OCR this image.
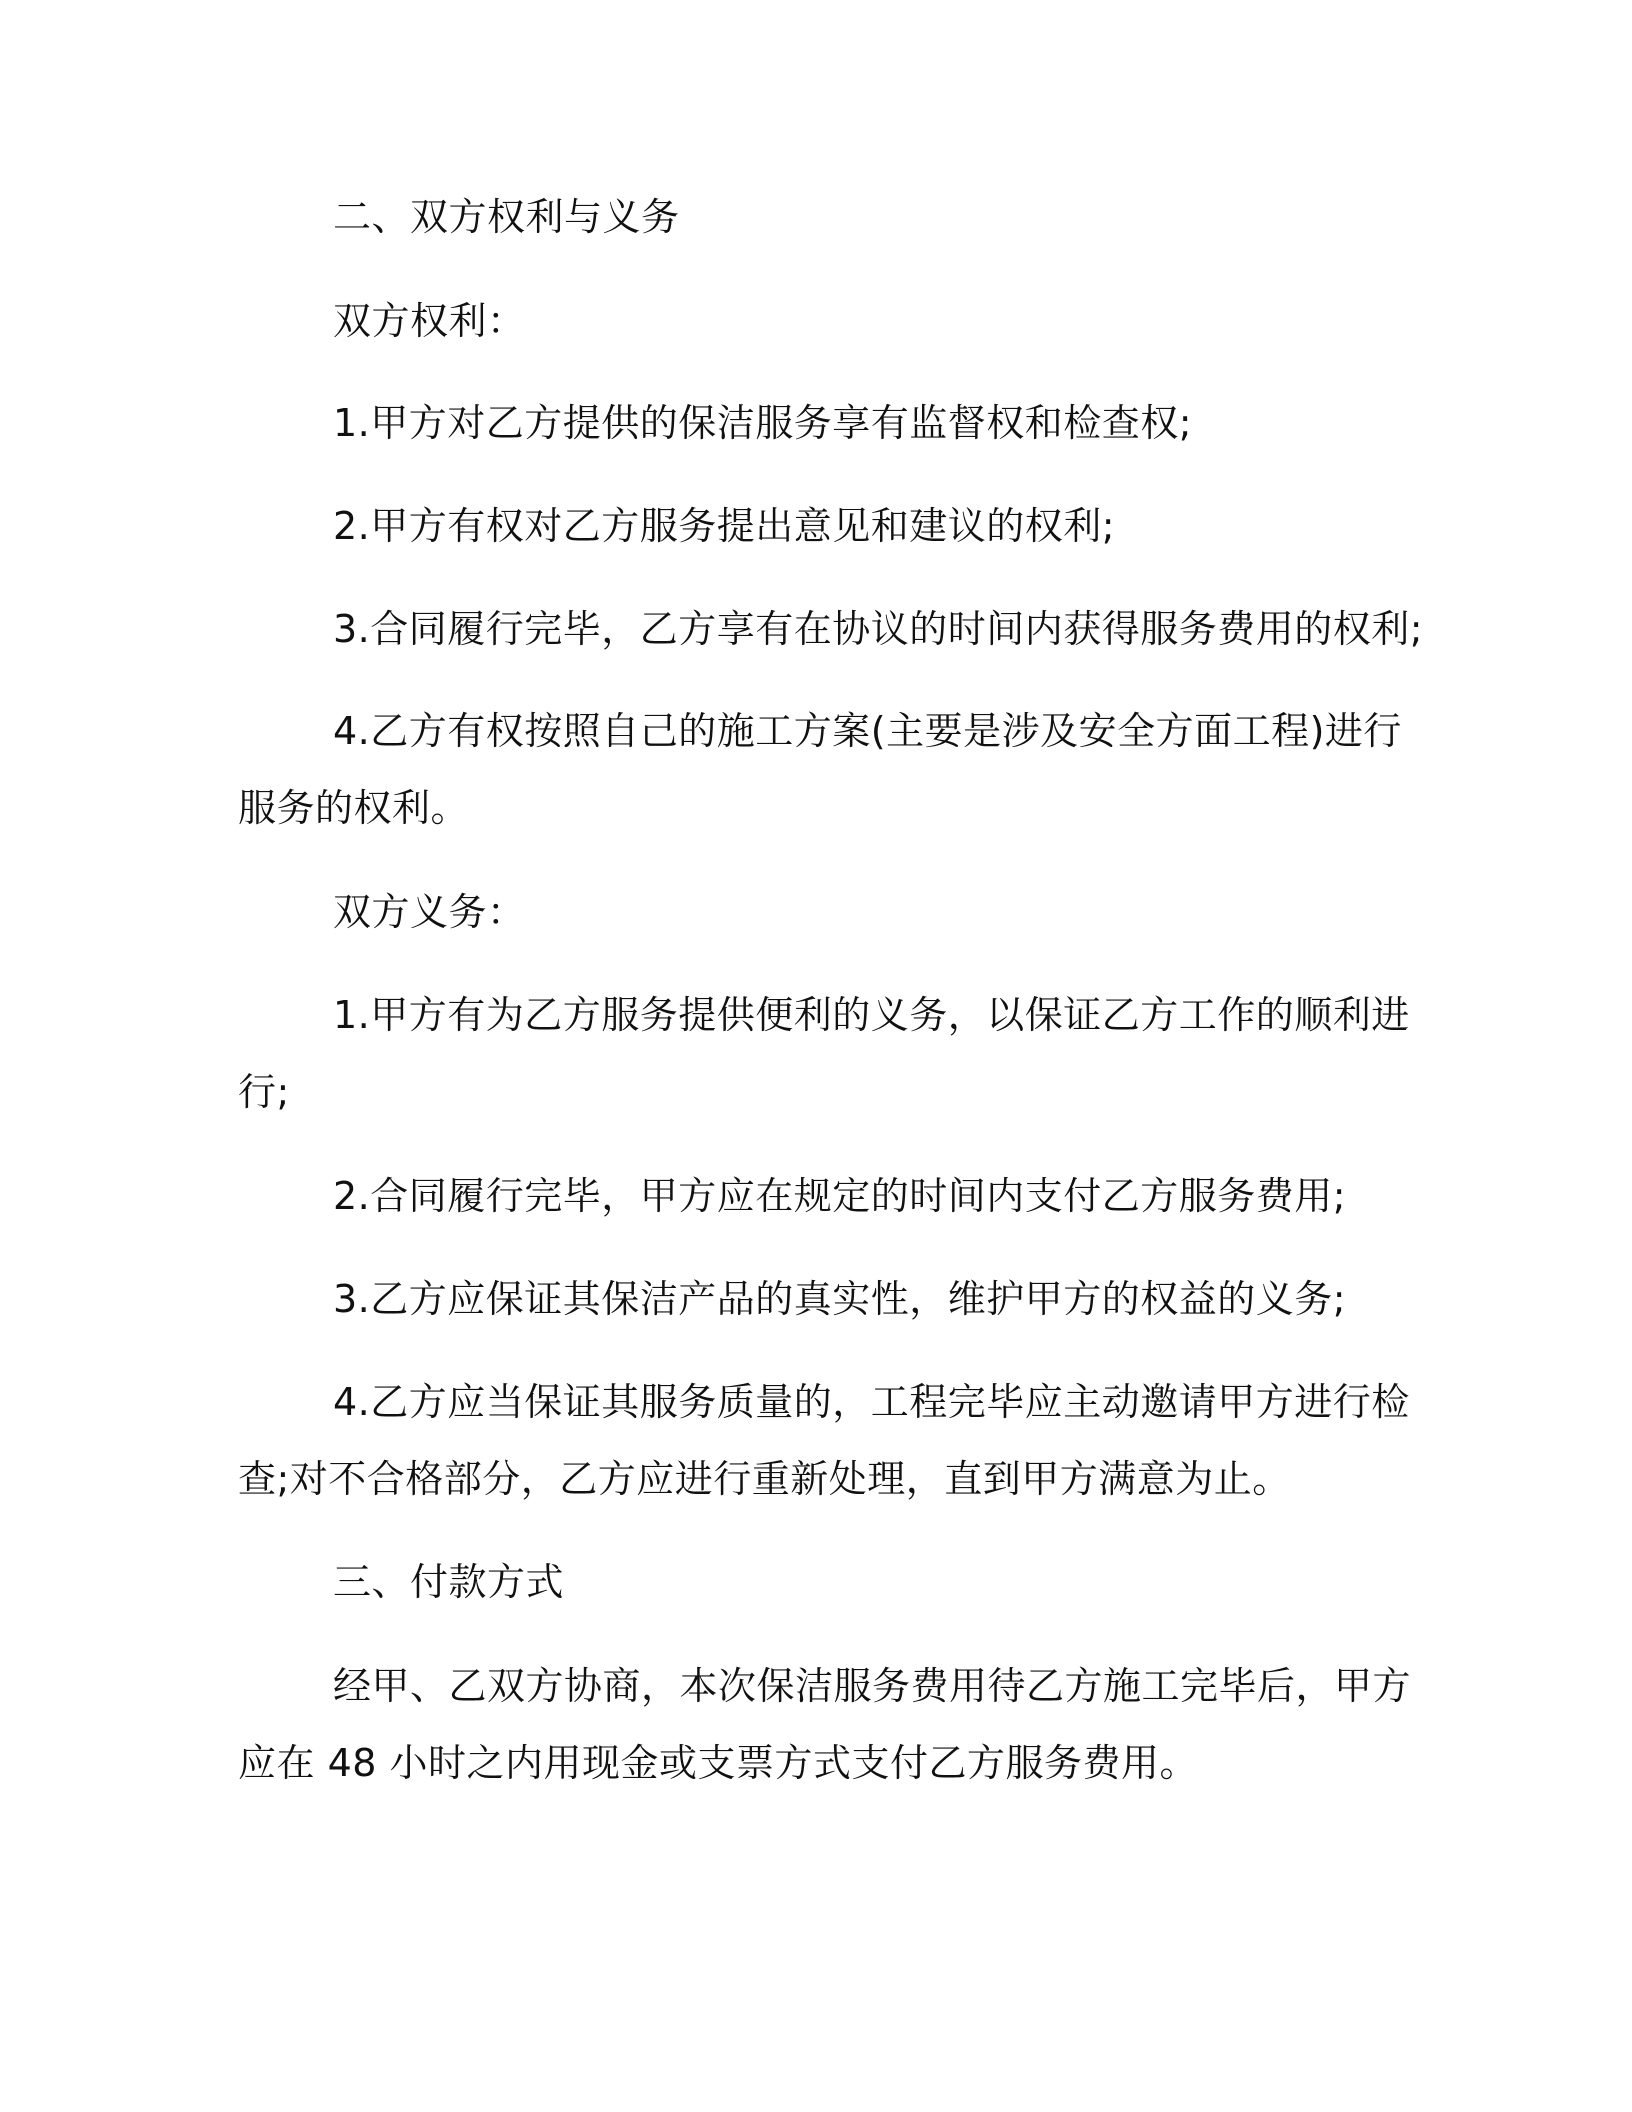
二、双方权利与义务
双方权利：
1.甲方对乙方提供的保洁服务享有监督权和检查权;
2.甲方有权对乙方服务提出意见和建议的权利;
3.合同履行完毕，乙方享有在协议的时间内获得服务费用的权利;
4.乙方有权按照自己的施工方案(主要是涉及安全方面工程)进行
服务的权利。
双方义务：
1.甲方有为乙方服务提供便利的义务，以保证乙方工作的顺利进
行;
2.合同履行完毕，甲方应在规定的时间内支付乙方服务费用;
3.乙方应保证其保洁产品的真实性，维护甲方的权益的义务;
4.乙方应当保证其服务质量的，工程完毕应主动邀请甲方进行检
查;对不合格部分，乙方应进行重新处理，直到甲方满意为止。
三、付款方式
经甲、乙双方协商，本次保洁服务费用待乙方施工完毕后，甲方
应在 48 小时之内用现金或支票方式支付乙方服务费用。
